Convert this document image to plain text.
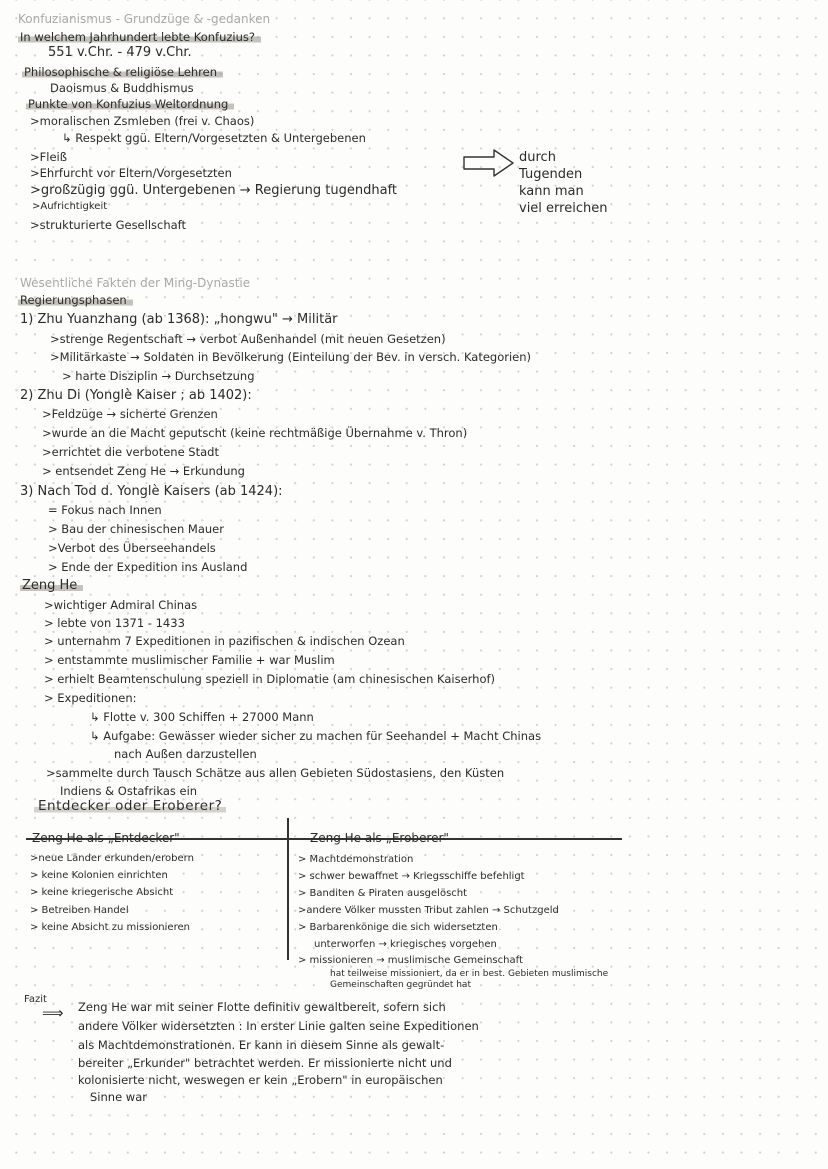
Konfuzianismus - Grundzüge & -gedanken
In welchem Jahrhundert lebte Konfuzius?
551 v.Chr. - 479 v.Chr.
Philosophische & religiöse Lehren
Daoismus & Buddhismus
Punkte von Konfuzius Weltordnung
>moralischen Zsmleben (frei v. Chaos)
↳ Respekt ggü. Eltern/Vorgesetzten & Untergebenen
>Fleiß
>Ehrfurcht vor Eltern/Vorgesetzten
>großzügig ggü. Untergebenen → Regierung tugendhaft
>Aufrichtigkeit
>strukturierte Gesellschaft
durch
Tugenden
kann man
viel erreichen
Wesentliche Fakten der Ming-Dynastie
Regierungsphasen
1) Zhu Yuanzhang (ab 1368): „hongwu" → Militär
>strenge Regentschaft → verbot Außenhandel (mit neuen Gesetzen)
>Militärkaste → Soldaten in Bevölkerung (Einteilung der Bev. in versch. Kategorien)
> harte Disziplin → Durchsetzung
2) Zhu Di (Yonglè Kaiser ; ab 1402):
>Feldzüge → sicherte Grenzen
>wurde an die Macht geputscht (keine rechtmäßige Übernahme v. Thron)
>errichtet die verbotene Stadt
> entsendet Zeng He → Erkundung
3) Nach Tod d. Yonglè Kaisers (ab 1424):
= Fokus nach Innen
> Bau der chinesischen Mauer
>Verbot des Überseehandels
> Ende der Expedition ins Ausland
Zeng He
>wichtiger Admiral Chinas
> lebte von 1371 - 1433
> unternahm 7 Expeditionen in pazifischen & indischen Ozean
> entstammte muslimischer Familie + war Muslim
> erhielt Beamtenschulung speziell in Diplomatie (am chinesischen Kaiserhof)
> Expeditionen:
↳ Flotte v. 300 Schiffen + 27000 Mann
↳ Aufgabe: Gewässer wieder sicher zu machen für Seehandel + Macht Chinas
nach Außen darzustellen
>sammelte durch Tausch Schätze aus allen Gebieten Südostasiens, den Küsten
Indiens & Ostafrikas ein
Entdecker oder Eroberer?
Zeng He als „Entdecker"	Zeng He als „Eroberer"
>neue Länder erkunden/erobern
> keine Kolonien einrichten
> keine kriegerische Absicht
> Betreiben Handel
> keine Absicht zu missionieren
> Machtdemonstration
> schwer bewaffnet → Kriegsschiffe befehligt
> Banditen & Piraten ausgelöscht
>andere Völker mussten Tribut zahlen → Schutzgeld
> Barbarenkönige die sich widersetzten
unterworfen → kriegisches vorgehen
> missionieren → muslimische Gemeinschaft
hat teilweise missioniert, da er in best. Gebieten muslimische
Gemeinschaften gegründet hat
Fazit
⟹ Zeng He war mit seiner Flotte definitiv gewaltbereit, sofern sich
andere Völker widersetzten : In erster Linie galten seine Expeditionen
als Machtdemonstrationen. Er kann in diesem Sinne als gewalt-
bereiter „Erkunder" betrachtet werden. Er missionierte nicht und
kolonisierte nicht, weswegen er kein „Erobern" in europäischen
Sinne war
